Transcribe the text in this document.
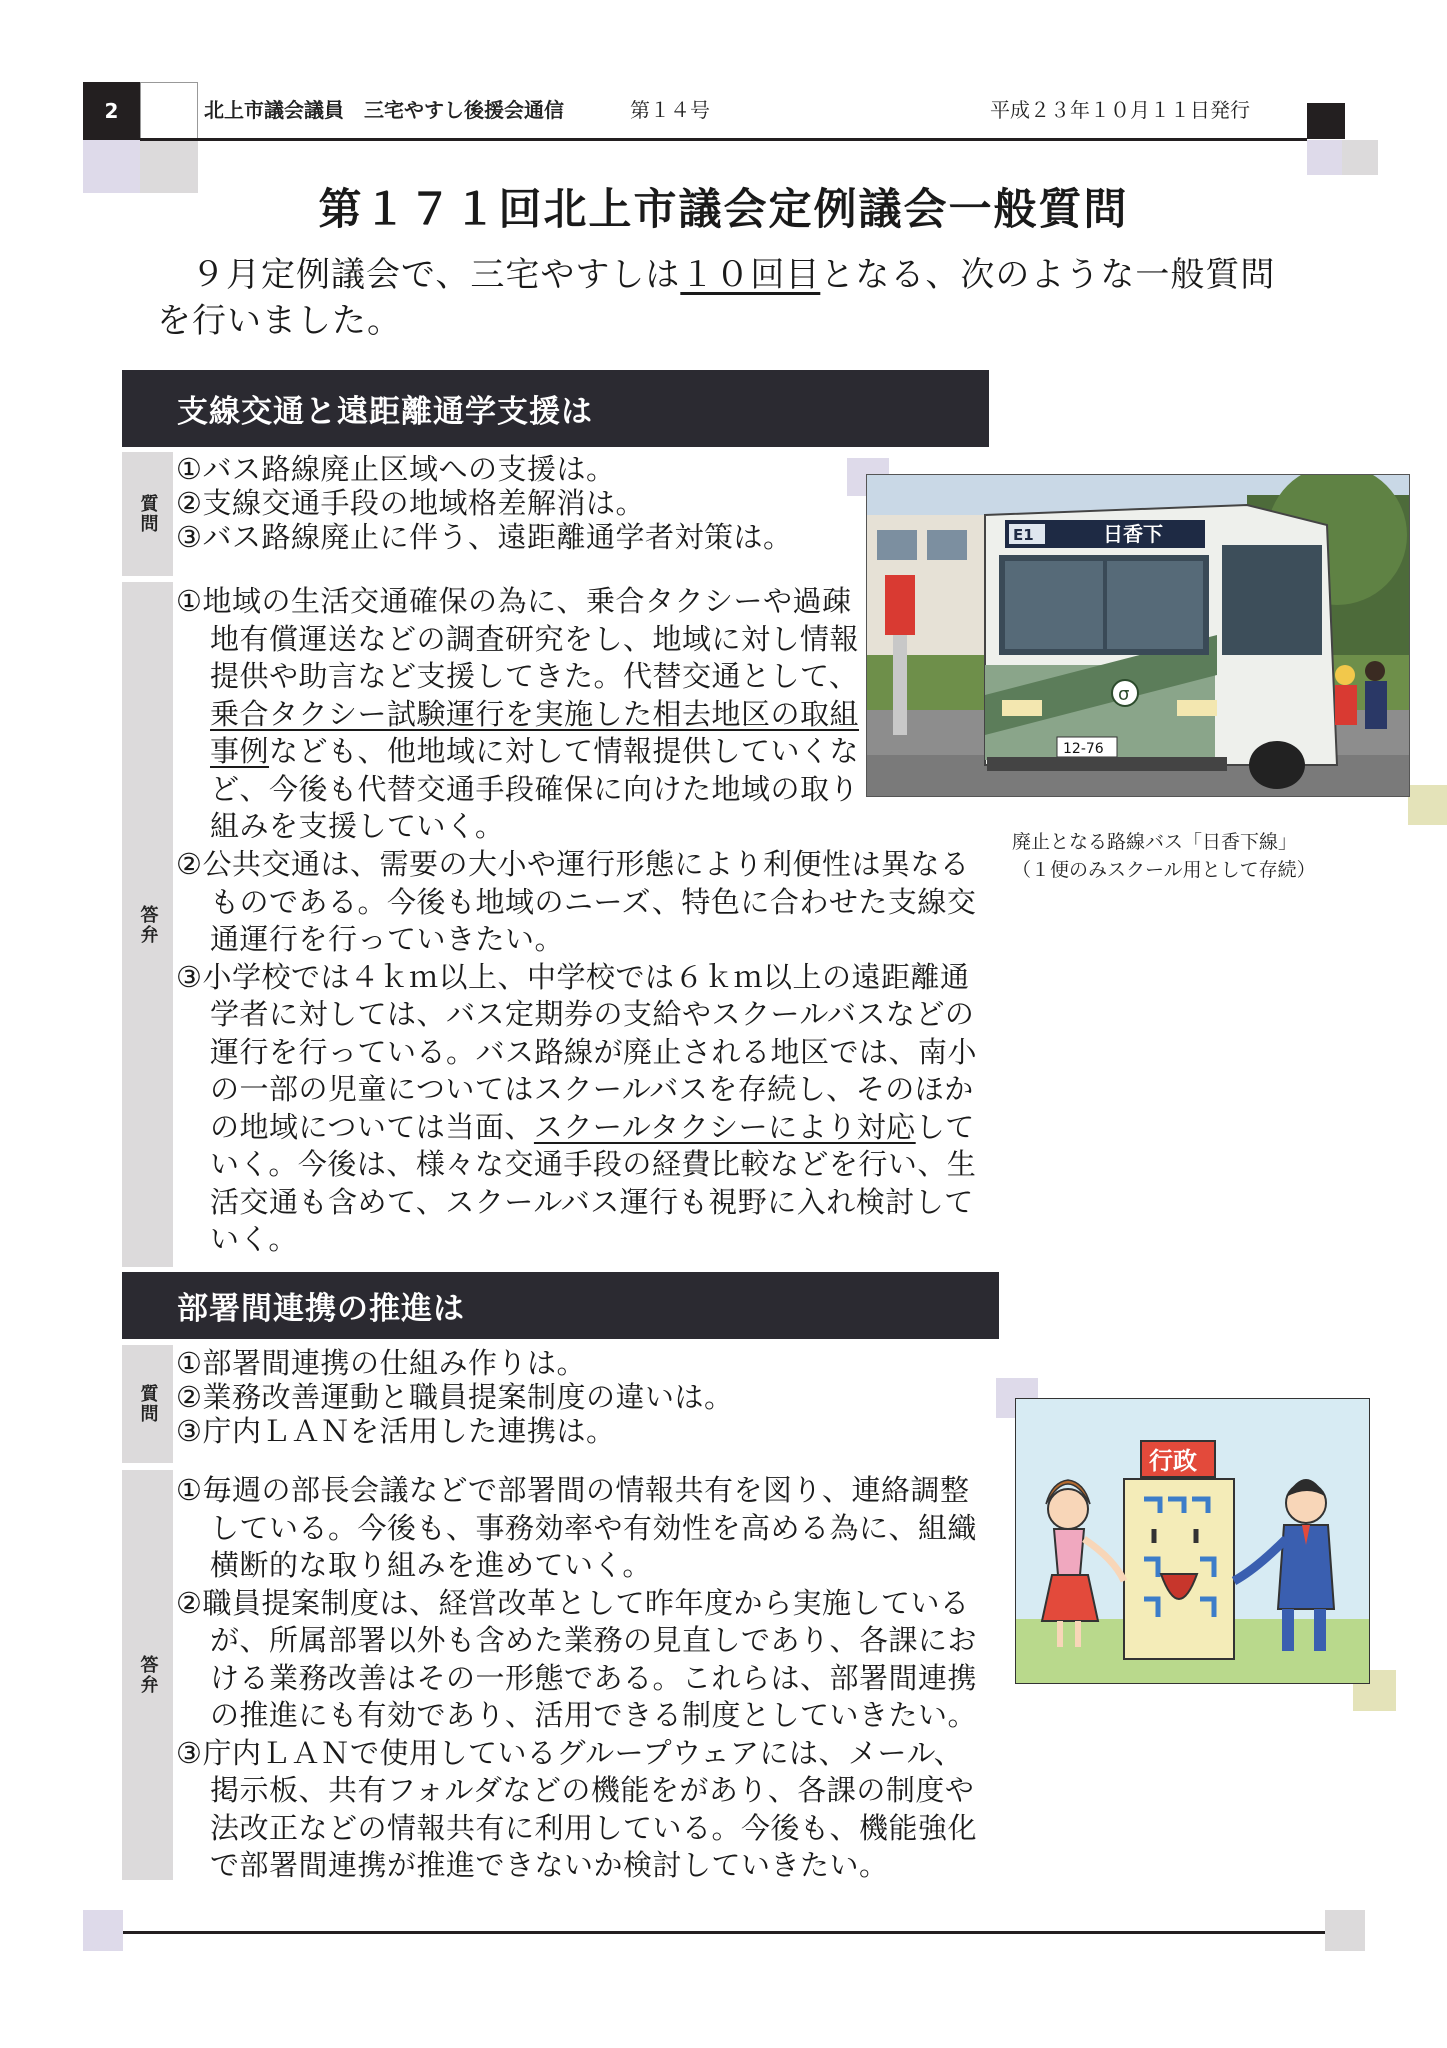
2	北上市議会議員　三宅やすし後援会通信	第１４号	平成２３年１０月１１日発行
第１７１回北上市議会定例議会一般質問
９月定例議会で、三宅やすしは１０回目となる、次のような一般質問を行いました。
支線交通と遠距離通学支援は
質問
①バス路線廃止区域への支援は。
②支線交通手段の地域格差解消は。
③バス路線廃止に伴う、遠距離通学者対策は。
答弁
①地域の生活交通確保の為に、乗合タクシーや過疎地有償運送などの調査研究をし、地域に対し情報提供や助言など支援してきた。代替交通として、乗合タクシー試験運行を実施した相去地区の取組事例なども、他地域に対して情報提供していくなど、今後も代替交通手段確保に向けた地域の取り組みを支援していく。
②公共交通は、需要の大小や運行形態により利便性は異なるものである。今後も地域のニーズ、特色に合わせた支線交通運行を行っていきたい。
③小学校では４ｋｍ以上、中学校では６ｋｍ以上の遠距離通学者に対しては、バス定期券の支給やスクールバスなどの運行を行っている。バス路線が廃止される地区では、南小の一部の児童についてはスクールバスを存続し、そのほかの地域については当面、スクールタクシーにより対応していく。今後は、様々な交通手段の経費比較などを行い、生活交通も含めて、スクールバス運行も視野に入れ検討していく。
E1	日香下
σ
12-76
廃止となる路線バス「日香下線」
（１便のみスクール用として存続）
部署間連携の推進は
質問
①部署間連携の仕組み作りは。
②業務改善運動と職員提案制度の違いは。
③庁内ＬＡＮを活用した連携は。
答弁
①毎週の部長会議などで部署間の情報共有を図り、連絡調整している。今後も、事務効率や有効性を高める為に、組織横断的な取り組みを進めていく。
②職員提案制度は、経営改革として昨年度から実施しているが、所属部署以外も含めた業務の見直しであり、各課における業務改善はその一形態である。これらは、部署間連携の推進にも有効であり、活用できる制度としていきたい。
③庁内ＬＡＮで使用しているグループウェアには、メール、掲示板、共有フォルダなどの機能をがあり、各課の制度や法改正などの情報共有に利用している。今後も、機能強化で部署間連携が推進できないか検討していきたい。
行政
